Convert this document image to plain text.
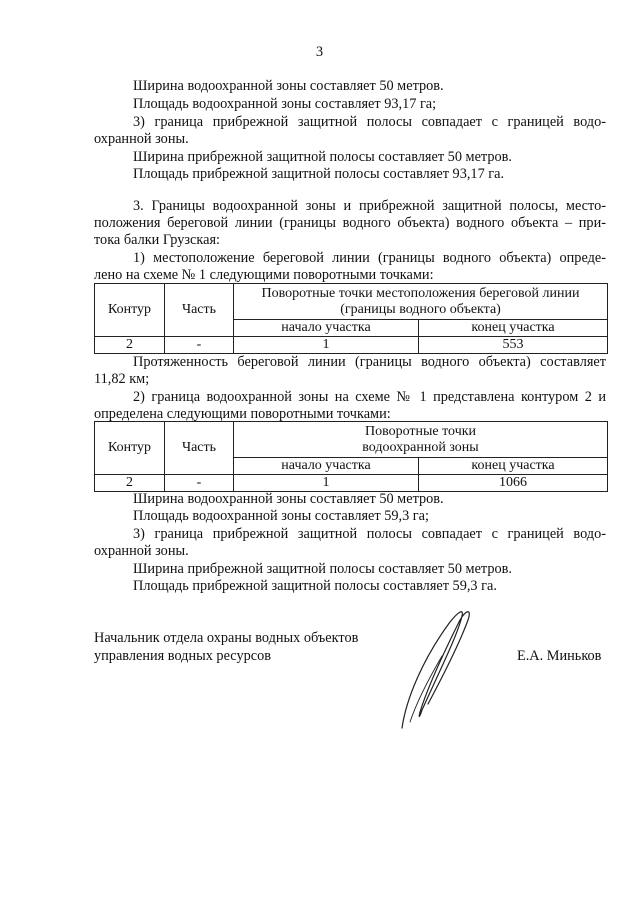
3
Ширина водоохранной зоны составляет 50 метров.
Площадь водоохранной зоны составляет 93,17 га;
3) граница прибрежной защитной полосы совпадает с границей водо-
охранной зоны.
Ширина прибрежной защитной полосы составляет 50 метров.
Площадь прибрежной защитной полосы составляет 93,17 га.
3. Границы водоохранной зоны и прибрежной защитной полосы, место-
положения береговой линии (границы водного объекта) водного объекта – при-
тока балки Грузская:
1) местоположение береговой линии (границы водного объекта) опреде-
лено на схеме № 1 следующими поворотными точками:
Контур	Часть	Поворотные точки местоположения береговой линии (границы водного объекта)	
		начало участка	конец участка
2	-	1	553
Протяженность береговой линии (границы водного объекта) составляет
11,82 км;
2) граница водоохранной зоны на схеме № 1 представлена контуром 2 и
определена следующими поворотными точками:
Контур	Часть	Поворотные точки
водоохранной зоны	

		начало участка	конец участка
2	-	1	1066
Ширина водоохранной зоны составляет 50 метров.
Площадь водоохранной зоны составляет 59,3 га;
3) граница прибрежной защитной полосы совпадает с границей водо-
охранной зоны.
Ширина прибрежной защитной полосы составляет 50 метров.
Площадь прибрежной защитной полосы составляет 59,3 га.
Начальник отдела охраны водных объектов
управления водных ресурсов	Е.А. Миньков
